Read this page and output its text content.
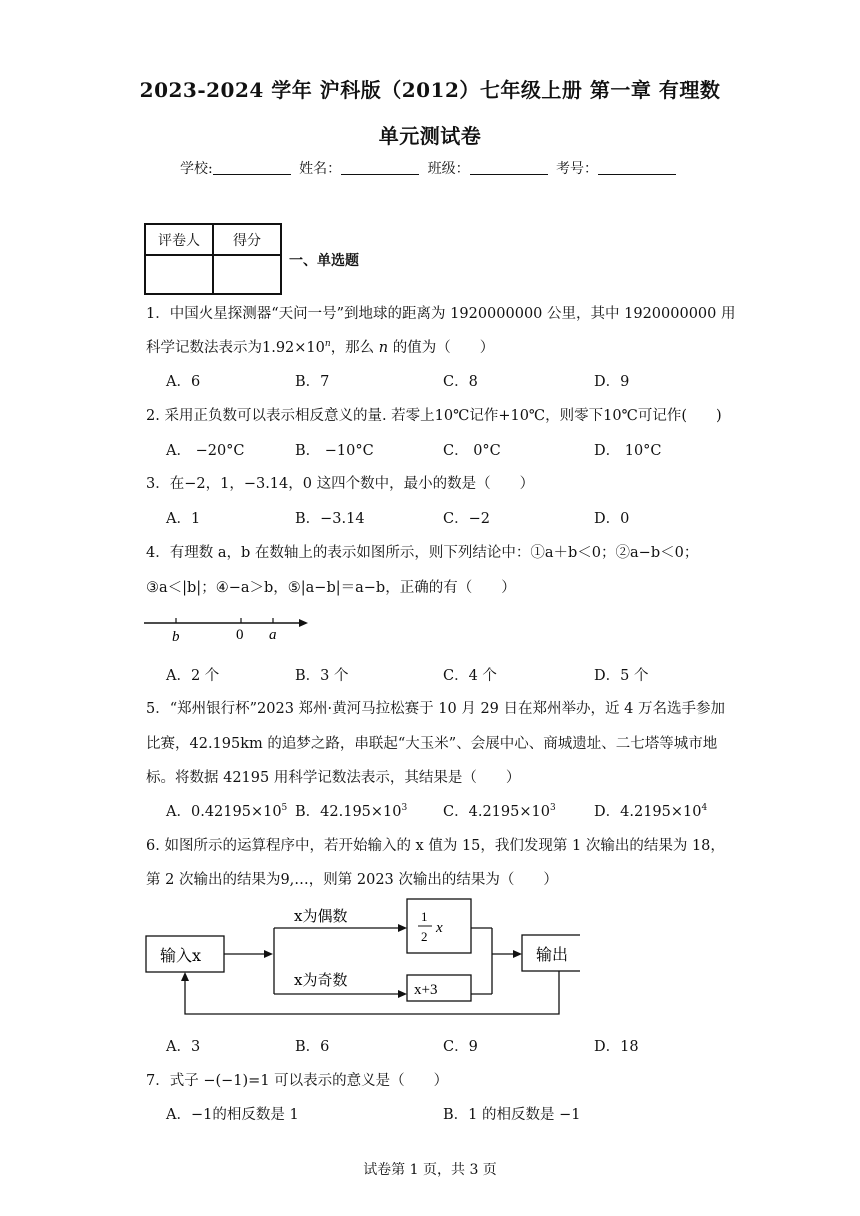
2023-2024 学年 沪科版（2012）七年级上册 第一章 有理数
单元测试卷
学校:	姓名：	班级：	考号：
评卷人	得分

一、单选题
1．中国火星探测器“天问一号”到地球的距离为 1920000000 公里，其中 1920000000 用
科学记数法表示为$1.92\times 10^n$，那么 n 的值为（　　）
A．6	B．7	C．8	D．9
2. 采用正负数可以表示相反意义的量. 若零上10℃记作+10℃，则零下10℃可记作(　　)
A． −20°C	B． −10°C	C． 0°C	D． 10°C
3．在−2，1，−3.14，0 这四个数中，最小的数是（　　）
A．1	B．−3.14	C．−2	D．0
4．有理数 a，b 在数轴上的表示如图所示，则下列结论中：①a＋b＜0；②a−b＜0；
③a＜|b|；④−a＞b，⑤|a−b|＝a−b，正确的有（　　）
b	0 a
A．2 个	B．3 个	C．4 个	D．5 个
5．“郑州银行杯”2023 郑州·黄河马拉松赛于 10 月 29 日在郑州举办，近 4 万名选手参加
比赛，42.195km 的追梦之路，串联起“大玉米”、会展中心、商城遗址、二七塔等城市地
标。将数据 42195 用科学记数法表示，其结果是（　　）
A．$0.42195\times 10^5$ B．$42.195\times 10^3$ C．$4.2195\times 10^3$	D．$4.2195\times 10^4$
6. 如图所示的运算程序中，若开始输入的 x 值为 15，我们发现第 1 次输出的结果为 18，
第 2 次输出的结果为9,…，则第 2023 次输出的结果为（　　）
输入x
x为偶数
x为奇数
1
2
x
x+3
输出
A．3	B．6	C．9	D．18
7．式子 −(−1)=1 可以表示的意义是（　　）
A．−1的相反数是 1	B．1 的相反数是 −1
试卷第 1 页，共 3 页
